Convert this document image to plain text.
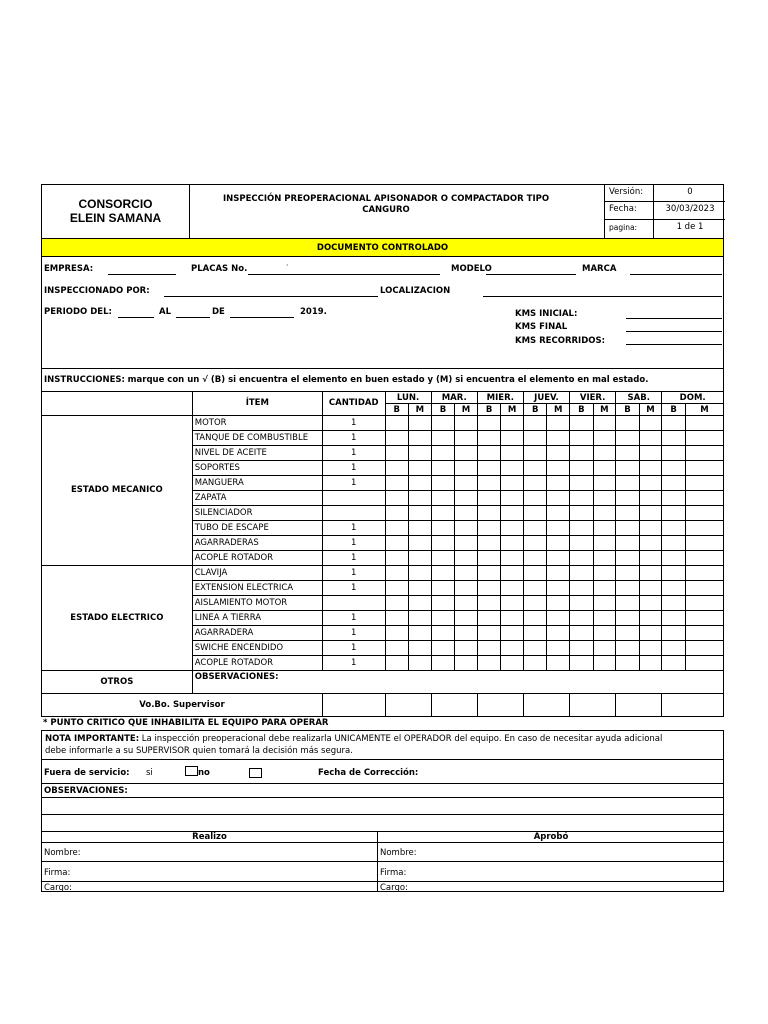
CONSORCIO
ELEIN SAMANA
INSPECCIÓN PREOPERACIONAL APISONADOR O COMPACTADOR TIPO CANGURO
Versión:	0
Fecha:	30/03/2023
pagina:	1 de 1
DOCUMENTO CONTROLADO
EMPRESA:	PLACAS No.	·	MODELO	MARCA
INSPECCIONADO POR:	LOCALIZACION
PERIODO DEL:	AL	DE	2019.	KMS INICIAL:
KMS FINAL
KMS RECORRIDOS:
INSTRUCCIONES: marque con un √ (B) si encuentra el elemento en buen estado y (M) si encuentra el elemento en mal estado.
	ÍTEM	CANTIDAD	LUN.		MAR.		MIER.		JUEV.		VIER.		SAB.		DOM.	
			B	M	B	M	B	M	B	M	B	M	B	M	B	M
ESTADO MECANICO	MOTOR	1														
	TANQUE DE COMBUSTIBLE	1														
	NIVEL DE ACEITE	1														
	SOPORTES	1														
	MANGUERA	1														
	ZAPATA															
	SILENCIADOR															
	TUBO DE ESCAPE	1														
	AGARRADERAS	1														
	ACOPLE ROTADOR	1														
ESTADO ELECTRICO	CLAVIJA	1														
	EXTENSION ELECTRICA	1														
	AISLAMIENTO MOTOR															
	LINEA A TIERRA	1														
	AGARRADERA	1														
	SWICHE ENCENDIDO	1														
	ACOPLE ROTADOR	1														
OTROS	OBSERVACIONES:															
Vo.Bo. Supervisor																
* PUNTO CRITICO QUE INHABILITA EL EQUIPO PARA OPERAR
NOTA IMPORTANTE: La inspección preoperacional debe realizarla UNICAMENTE el OPERADOR del equipo. En caso de necesitar ayuda adicional
debe informarle a su SUPERVISOR quien tomará la decisión más segura.
Fuera de servicio: si	no	Fecha de Corrección:
OBSERVACIONES:
Realizo	Aprobó
Nombre:	Nombre:
Firma:	Firma:
Cargo:	Cargo:
